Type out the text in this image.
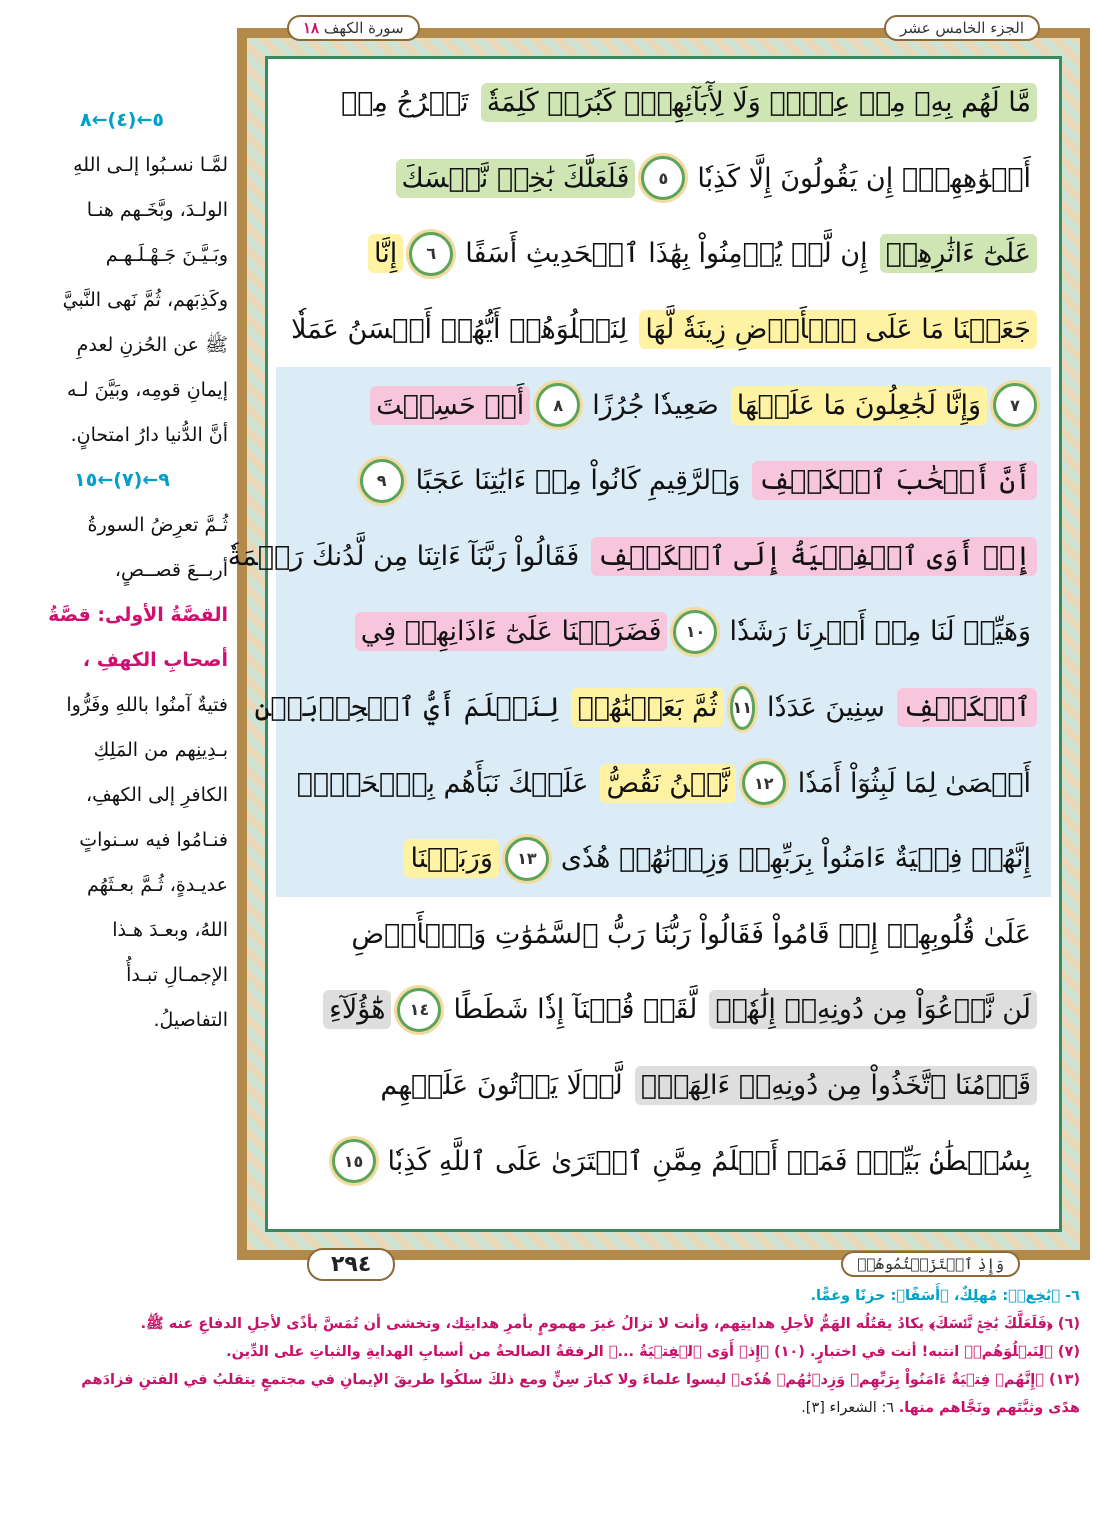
الجزء الخامس عشر
سورة الكهف ١٨
مَّا لَهُم بِهِۦ مِنۡ عِلۡمٖ وَلَا لِأٓبَآئِهِمۡۚ كَبُرَتۡ كَلِمَةٗ
تَخۡرُجُ مِنۡ
أَفۡوَٰهِهِمۡۚ إِن يَقُولُونَ إِلَّا كَذِبٗا
٥
فَلَعَلَّكَ بَٰخِعٞ نَّفۡسَكَ
عَلَىٰٓ ءَاثَٰرِهِمۡ
إِن لَّمۡ يُؤۡمِنُواْ بِهَٰذَا ٱلۡحَدِيثِ أَسَفًا
٦
إِنَّا
جَعَلۡنَا مَا عَلَى ٱلۡأَرۡضِ زِينَةٗ لَّهَا
لِنَبۡلُوَهُمۡ أَيُّهُمۡ أَحۡسَنُ عَمَلٗا
٧
وَإِنَّا لَجَٰعِلُونَ مَا عَلَيۡهَا
صَعِيدٗا جُرُزًا
٨
أَمۡ حَسِبۡتَ
أَنَّ أَصۡحَٰبَ ٱلۡكَهۡفِ
وَٱلرَّقِيمِ كَانُواْ مِنۡ ءَايَٰتِنَا عَجَبًا
٩
إِذۡ أَوَى ٱلۡفِتۡيَةُ إِلَى ٱلۡكَهۡفِ
فَقَالُواْ رَبَّنَآ ءَاتِنَا مِن لَّدُنكَ رَحۡمَةٗ
وَهَيِّئۡ لَنَا مِنۡ أَمۡرِنَا رَشَدٗا
١٠
فَضَرَبۡنَا عَلَىٰٓ ءَاذَانِهِمۡ فِي
ٱلۡكَهۡفِ
سِنِينَ عَدَدٗا
١١
ثُمَّ بَعَثۡنَٰهُمۡ
لِنَعۡلَمَ أَيُّ ٱلۡحِزۡبَيۡنِ
أَحۡصَىٰ لِمَا لَبِثُوٓاْ أَمَدٗا
١٢
نَّحۡنُ نَقُصُّ
عَلَيۡكَ نَبَأَهُم بِٱلۡحَقِّۚ
إِنَّهُمۡ فِتۡيَةٌ ءَامَنُواْ بِرَبِّهِمۡ وَزِدۡنَٰهُمۡ هُدٗى
١٣
وَرَبَطۡنَا
عَلَىٰ قُلُوبِهِمۡ إِذۡ قَامُواْ فَقَالُواْ رَبُّنَا رَبُّ ٱلسَّمَٰوَٰتِ وَٱلۡأَرۡضِ
لَن نَّدۡعُوَاْ مِن دُونِهِۦٓ إِلَٰهٗاۖ
لَّقَدۡ قُلۡنَآ إِذٗا شَطَطًا
١٤
هَٰٓؤُلَآءِ
قَوۡمُنَا ٱتَّخَذُواْ مِن دُونِهِۦٓ ءَالِهَةٗۖ
لَّوۡلَا يَأۡتُونَ عَلَيۡهِم
بِسُلۡطَٰنِۢ بَيِّنٖۖ فَمَنۡ أَظۡلَمُ مِمَّنِ ٱفۡتَرَىٰ عَلَى ٱللَّهِ كَذِبٗا
١٥
وَإِذِ ٱعۡتَزَلۡتُمُوهُمۡ
٢٩٤
٥←(٤)←٨
لمَّـا نسـبُوا إلـى اللهِ
الولـدَ، وبَّخَـهم هنـا
وبَـيَّـنَ جَـهْـلَـهـم
وكَذِبَهم، ثُمَّ نَهى النَّبيَّ
ﷺ عن الحُزنِ لعدمِ
إيمانِ قومِه، وبَيَّنَ لـه
أنَّ الدُّنيا دارُ امتحانٍ.
٩←(٧)←١٥
ثُـمَّ تعرِضُ السورةُ
أربــعَ قصــصٍ،
القصَّةُ الأولى: قصَّةُ
أصحابِ الكهفِ ،
فتيةٌ آمنُوا باللهِ وفَرُّوا
بـدِينِهم من المَلِكِ
الكافرِ إلى الكهفِ،
فنـامُوا فيه سـنواتٍ
عديـدةٍ، ثُـمَّ بعـثَهُم
اللهُ، وبعـدَ هـذا
الإجمـالِ تبـدأُ
التفاصيلُ.
٦- ﴿بَٰخِعٞ﴾: مُهلِكٌ، ﴿أَسَفًا﴾: حزنًا وغمًّا.
(٦) ﴿فَلَعَلَّكَ بَٰخِعٞ نَّفۡسَكَ﴾ يكادُ يقتُلُه الهَمُّ لأجلِ هدايتِهم، وأنت لا تزالُ غيرَ مهمومٍ بأمرِ هدايتِك، وتخشى أن تُمَسَّ بأذًى لأجلِ الدفاعِ عنه ﷺ.
(٧) ﴿لِنَبۡلُوَهُمۡ﴾ انتبه! أنت في اختبارٍ. (١٠) ﴿إِذۡ أَوَى ٱلۡفِتۡيَةُ ...﴾ الرفقةُ الصالحةُ من أسبابِ الهدايةِ والثباتِ على الدِّين.
(١٣) ﴿إِنَّهُمۡ فِتۡيَةٌ ءَامَنُواْ بِرَبِّهِمۡ وَزِدۡنَٰهُمۡ هُدٗى﴾ ليسوا علماءَ ولا كبارَ سِنٍّ ومع ذلكَ سلكُوا طريقَ الإيمانِ في مجتمعٍ يتقلبُ في الفتنِ فزادَهم
هدًى وثبَّتَهم ونَجَّاهم منها. ٦: الشعراء [٣].
